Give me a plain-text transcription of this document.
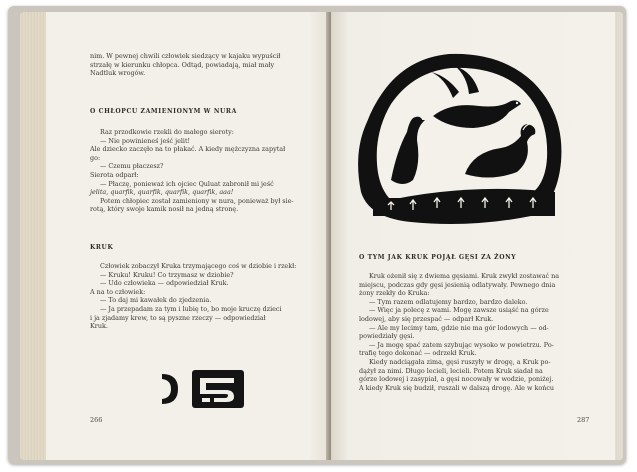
nim. W pewnej chwili człowiek siedzący w kajaku wypuścił

strzałę w kierunku chłopca. Odtąd, powiadają, miał mały

Nadtluk wrogów.

O CHŁOPCU ZAMIENIONYM W NURA

Raz przodkowie rzekli do małego sieroty:

— Nie powinieneś jeść jelit!

Ale dziecko zaczęło na to płakać. A kiedy mężczyzna zapytał

go:

— Czemu płaczesz?

Sierota odparł:

— Płaczę, ponieważ ich ojciec Quluat zabronił mi jeść

jelita, quarfik, quarfik, quarfik, quarfik, aaa!

Potem chłopiec został zamieniony w nura, ponieważ był sie-

rotą, który swoje kamik nosił na jedną stronę.

KRUK

Człowiek zobaczył Kruka trzymającego coś w dziobie i rzekł:

— Kruku! Kruku! Co trzymasz w dziobie?

— Udo człowieka — odpowiedział Kruk.

A na to człowiek:

— To daj mi kawałek do zjedzenia.

— Ja przepadam za tym i lubię to, bo moje kruczę dzieci

i ja zjadamy krew, to są pyszne rzeczy — odpowiedział

Kruk.

266
O TYM JAK KRUK POJĄŁ GĘSI ZA ŻONY

Kruk ożenił się z dwiema gęsiami. Kruk zwykł zostawać na

miejscu, podczas gdy gęsi jesienią odlatywały. Pewnego dnia

żony rzekły do Kruka:

— Tym razem odlatujemy bardzo, bardzo daleko.

— Więc ja polecę z wami. Mogę zawsze usiąść na górze

lodowej, aby się przespać — odparł Kruk.

— Ale my lecimy tam, gdzie nie ma gór lodowych — od-

powiedziały gęsi.

— Ja mogę spać zatem szybując wysoko w powietrzu. Po-

trafię tego dokonać — odrzekł Kruk.

Kiedy nadciągała zima, gęsi ruszyły w drogę, a Kruk po-

dążył za nimi. Długo lecieli, lecieli. Potem Kruk siadał na

górze lodowej i zasypiał, a gęsi nocowały w wodzie, poniżej.

A kiedy Kruk się budził, ruszali w dalszą drogę. Ale w końcu

287
